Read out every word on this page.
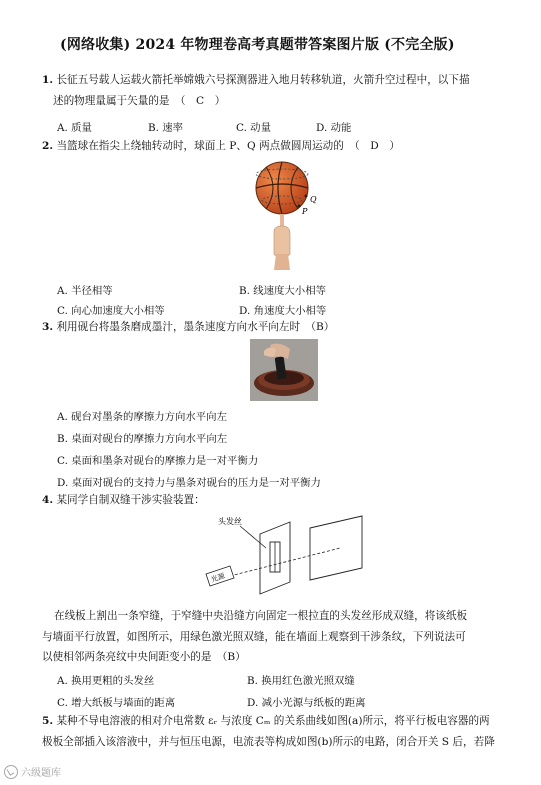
(网络收集) 2024 年物理卷高考真题带答案图片版 (不完全版)
1. 长征五号载人运载火箭托举嫦娥六号探测器进入地月转移轨道，火箭升空过程中，以下描
述的物理量属于矢量的是　（　C　）
A. 质量	B. 速率	C. 动量	D. 动能
2. 当篮球在指尖上绕轴转动时，球面上 P、Q 两点做圆周运动的　（　D　）
Q
P
A. 半径相等	B. 线速度大小相等
C. 向心加速度大小相等	D. 角速度大小相等
3. 利用砚台将墨条磨成墨汁，墨条速度方向水平向左时　（B）
A. 砚台对墨条的摩擦力方向水平向左
B. 桌面对砚台的摩擦力方向水平向左
C. 桌面和墨条对砚台的摩擦力是一对平衡力
D. 桌面对砚台的支持力与墨条对砚台的压力是一对平衡力
4. 某同学自制双缝干涉实验装置：
头发丝
光源
在线板上割出一条窄缝，于窄缝中央沿缝方向固定一根拉直的头发丝形成双缝，将该纸板
与墙面平行放置，如图所示，用绿色激光照双缝，能在墙面上观察到干涉条纹，下列说法可
以使相邻两条亮纹中央间距变小的是　（B）
A. 换用更粗的头发丝	B. 换用红色激光照双缝
C. 增大纸板与墙面的距离	D. 减小光源与纸板的距离
5. 某种不导电溶液的相对介电常数 εᵣ 与浓度 Cₘ 的关系曲线如图(a)所示，将平行板电容器的两
极板全部插入该溶液中，并与恒压电源，电流表等构成如图(b)所示的电路，闭合开关 S 后，若降
六级题库
